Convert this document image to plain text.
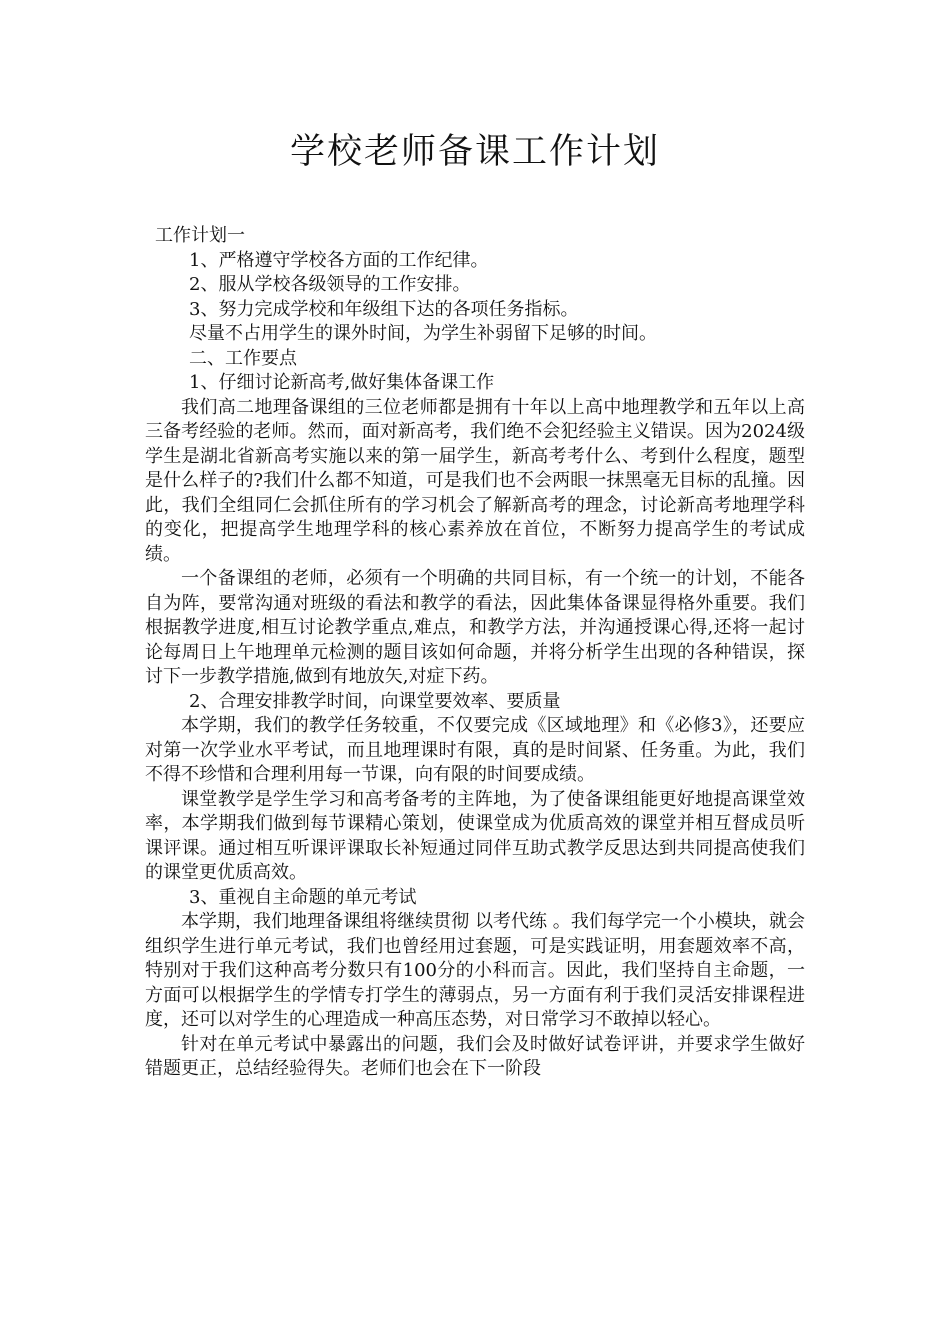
学校老师备课工作计划
工作计划一
1、严格遵守学校各方面的工作纪律。
2、服从学校各级领导的工作安排。
3、努力完成学校和年级组下达的各项任务指标。
尽量不占用学生的课外时间，为学生补弱留下足够的时间。
二、工作要点
1、仔细讨论新高考,做好集体备课工作

我们高二地理备课组的三位老师都是拥有十年以上高中地理教学和五年以上高三备考经验的老师。然而，面对新高考，我们绝不会犯经验主义错误。因为2024级学生是湖北省新高考实施以来的第一届学生，新高考考什么、考到什么程度，题型是什么样子的?我们什么都不知道，可是我们也不会两眼一抹黑毫无目标的乱撞。因此，我们全组同仁会抓住所有的学习机会了解新高考的理念，讨论新高考地理学科的变化，把提高学生地理学科的核心素养放在首位，不断努力提高学生的考试成绩。

一个备课组的老师，必须有一个明确的共同目标，有一个统一的计划，不能各自为阵，要常沟通对班级的看法和教学的看法，因此集体备课显得格外重要。我们根据教学进度,相互讨论教学重点,难点，和教学方法，并沟通授课心得,还将一起讨论每周日上午地理单元检测的题目该如何命题，并将分析学生出现的各种错误，探讨下一步教学措施,做到有地放矢,对症下药。

2、合理安排教学时间，向课堂要效率、要质量

本学期，我们的教学任务较重，不仅要完成《区域地理》和《必修3》，还要应对第一次学业水平考试，而且地理课时有限，真的是时间紧、任务重。为此，我们不得不珍惜和合理利用每一节课，向有限的时间要成绩。

课堂教学是学生学习和高考备考的主阵地，为了使备课组能更好地提高课堂效率，本学期我们做到每节课精心策划，使课堂成为优质高效的课堂并相互督成员听课评课。通过相互听课评课取长补短通过同伴互助式教学反思达到共同提高使我们的课堂更优质高效。

3、重视自主命题的单元考试

本学期，我们地理备课组将继续贯彻 以考代练 。我们每学完一个小模块，就会组织学生进行单元考试，我们也曾经用过套题，可是实践证明，用套题效率不高，特别对于我们这种高考分数只有100分的小科而言。因此，我们坚持自主命题，一方面可以根据学生的学情专打学生的薄弱点，另一方面有利于我们灵活安排课程进度，还可以对学生的心理造成一种高压态势，对日常学习不敢掉以轻心。

针对在单元考试中暴露出的问题，我们会及时做好试卷评讲，并要求学生做好错题更正，总结经验得失。老师们也会在下一阶段
